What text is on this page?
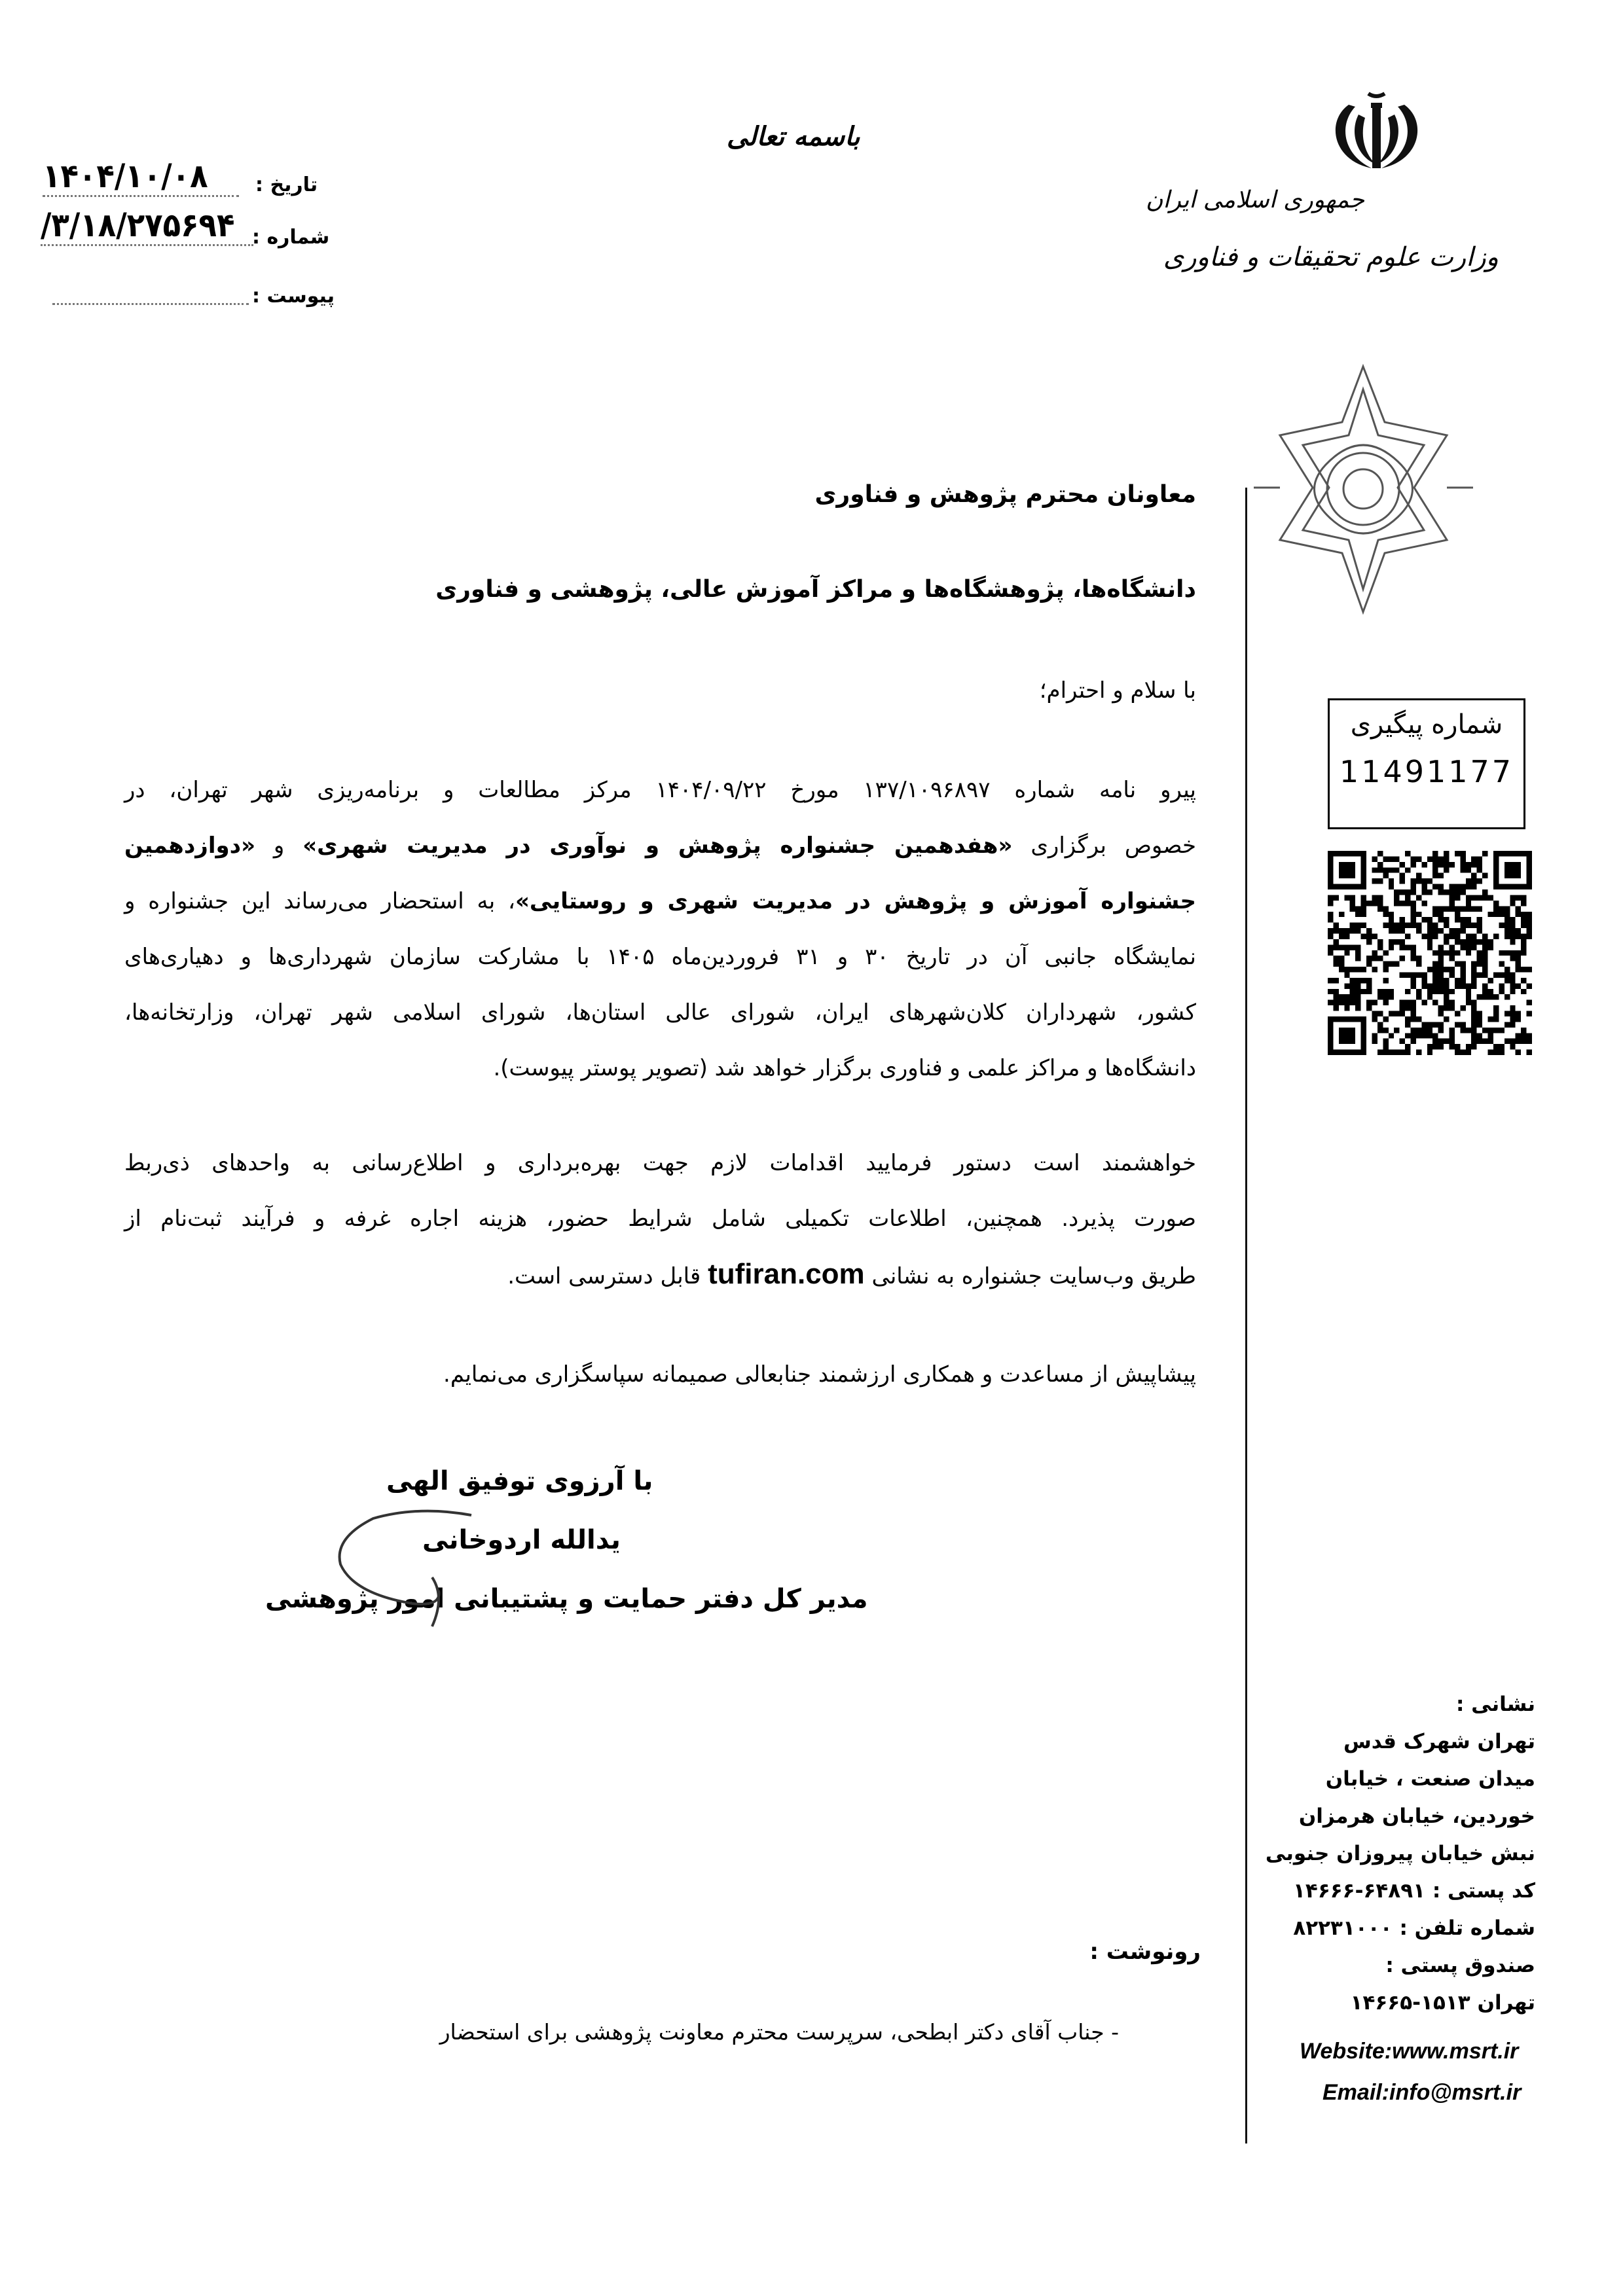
جمهوری اسلامی ایران
وزارت علوم تحقیقات و فناوری
باسمه تعالی
تاریخ :
۱۴۰۴/۱۰/۰۸
شماره :
/۳/۱۸/۲۷۵۶۹۴
پیوست :
شماره پیگیری
11491177
معاونان محترم پژوهش و فناوری
دانشگاه‌ها، پژوهشگاه‌ها و مراکز آموزش عالی، پژوهشی و فناوری
با سلام و احترام؛
پیرو نامه شماره ۱۳۷/۱۰۹۶۸۹۷ مورخ ۱۴۰۴/۰۹/۲۲ مرکز مطالعات و برنامه‌ریزی شهر تهران، در
خصوص برگزاری «هفدهمین جشنواره پژوهش و نوآوری در مدیریت شهری» و «دوازدهمین
جشنواره آموزش و پژوهش در مدیریت شهری و روستایی»، به استحضار می‌رساند این جشنواره و
نمایشگاه جانبی آن در تاریخ ۳۰ و ۳۱ فروردین‌ماه ۱۴۰۵ با مشارکت سازمان شهرداری‌ها و دهیاری‌های
کشور، شهرداران کلان‌شهرهای ایران، شورای عالی استان‌ها، شورای اسلامی شهر تهران، وزارتخانه‌ها،
دانشگاه‌ها و مراکز علمی و فناوری برگزار خواهد شد (تصویر پوستر پیوست).
خواهشمند است دستور فرمایید اقدامات لازم جهت بهره‌برداری و اطلاع‌رسانی به واحدهای ذی‌ربط
صورت پذیرد. همچنین، اطلاعات تکمیلی شامل شرایط حضور، هزینه اجاره غرفه و فرآیند ثبت‌نام از
طریق وب‌سایت جشنواره به نشانی tufiran.com قابل دسترسی است.
پیشاپیش از مساعدت و همکاری ارزشمند جنابعالی صمیمانه سپاسگزاری می‌نمایم.
با آرزوی توفیق الهی
یدالله اردوخانی
مدیر کل دفتر حمایت و پشتیبانی امور پژوهشی
رونوشت :
- جناب آقای دکتر ابطحی، سرپرست محترم معاونت پژوهشی برای استحضار
نشانی :
تهران شهرک قدس
میدان صنعت ، خیابان
خوردین، خیابان هرمزان
نبش خیابان پیروزان جنوبی
کد پستی : ۶۴۸۹۱-۱۴۶۶۶
شماره تلفن : ۸۲۲۳۱۰۰۰
صندوق پستی :
تهران ۱۵۱۳-۱۴۶۶۵
Website:www.msrt.ir
Email:info@msrt.ir
